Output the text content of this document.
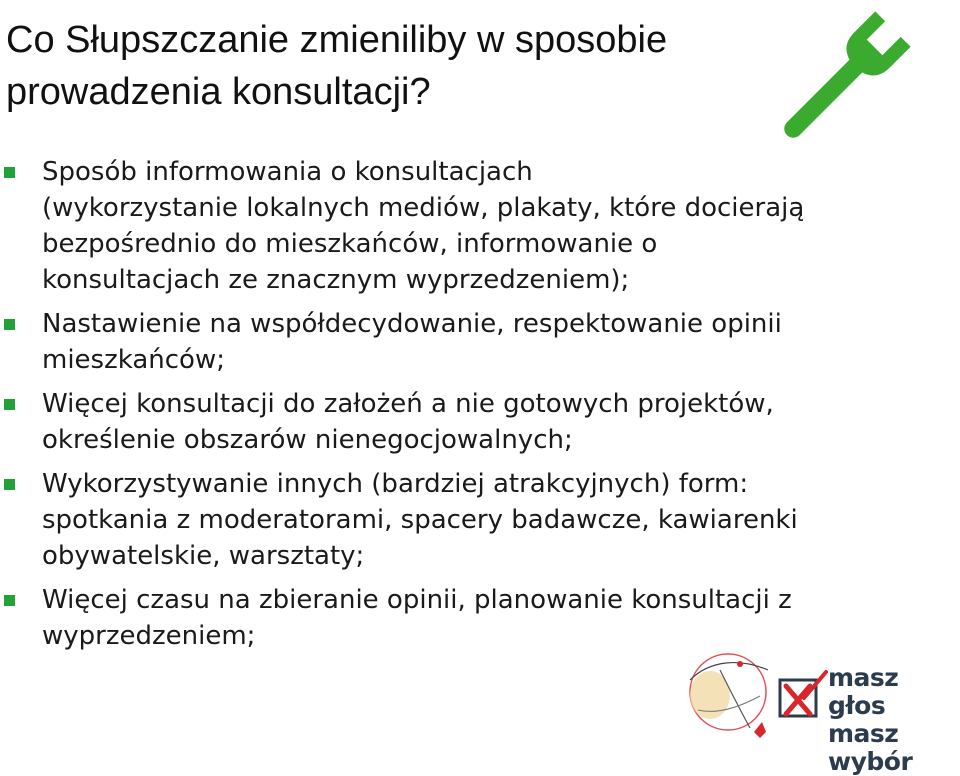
Co Słupszczanie zmieniliby w sposobie
prowadzenia konsultacji?
Sposób informowania o konsultacjach
(wykorzystanie lokalnych mediów, plakaty, które docierają
bezpośrednio do mieszkańców, informowanie o
konsultacjach ze znacznym wyprzedzeniem);
Nastawienie na współdecydowanie, respektowanie opinii
mieszkańców;
Więcej konsultacji do założeń a nie gotowych projektów,
określenie obszarów nienegocjowalnych;
Wykorzystywanie innych (bardziej atrakcyjnych) form:
spotkania z moderatorami, spacery badawcze, kawiarenki
obywatelskie, warsztaty;
Więcej czasu na zbieranie opinii, planowanie konsultacji z
wyprzedzeniem;
masz głos
masz wybór
